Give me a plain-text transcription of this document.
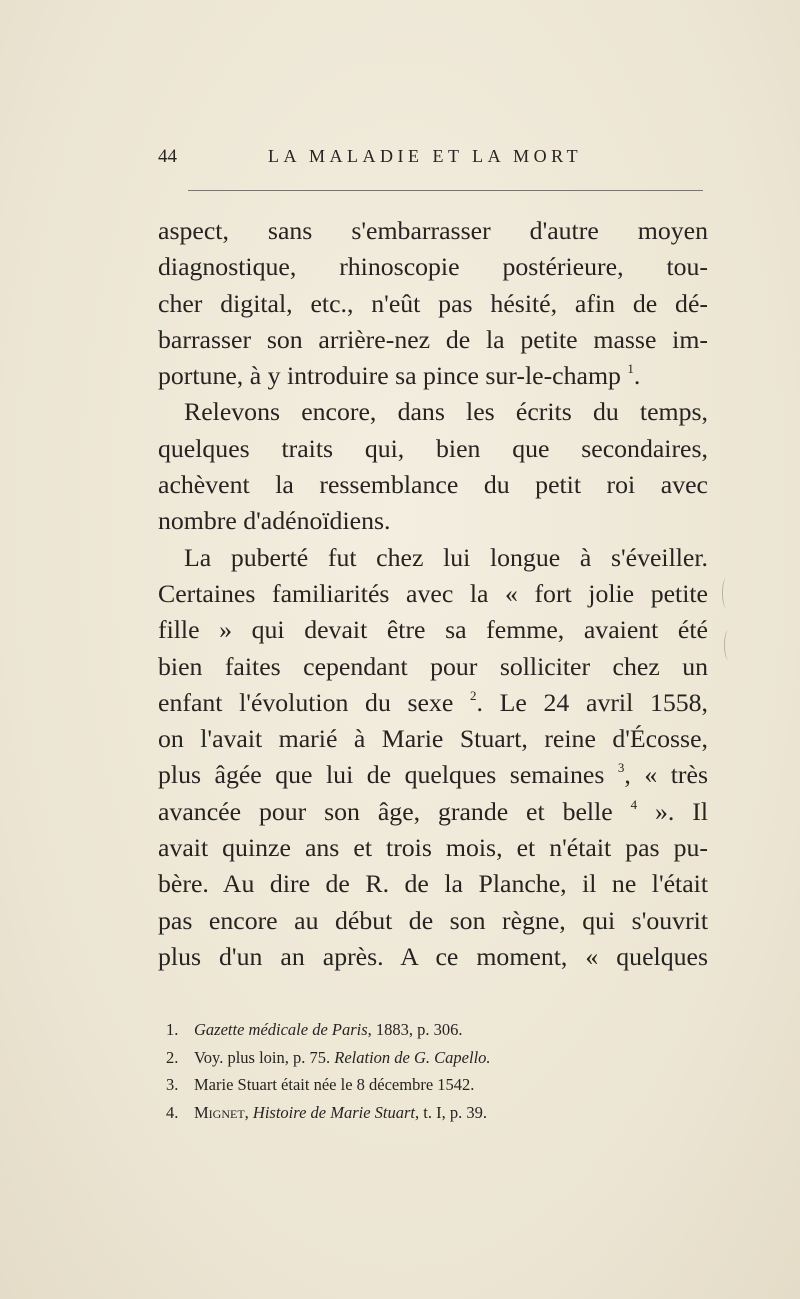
44	LA MALADIE ET LA MORT
aspect, sans s'embarrasser d'autre moyen
diagnostique, rhinoscopie postérieure, tou-
cher digital, etc., n'eût pas hésité, afin de dé-
barrasser son arrière-nez de la petite masse im-
portune, à y introduire sa pince sur-le-champ $^1$.
Relevons encore, dans les écrits du temps,
quelques traits qui, bien que secondaires,
achèvent la ressemblance du petit roi avec
nombre d'adénoïdiens.
La puberté fut chez lui longue à s'éveiller.
Certaines familiarités avec la « fort jolie petite
fille » qui devait être sa femme, avaient été
bien faites cependant pour solliciter chez un
enfant l'évolution du sexe $^2$. Le 24 avril 1558,
on l'avait marié à Marie Stuart, reine d'Écosse,
plus âgée que lui de quelques semaines $^3$, « très
avancée pour son âge, grande et belle $^4$ ». Il
avait quinze ans et trois mois, et n'était pas pu-
bère. Au dire de R. de la Planche, il ne l'était
pas encore au début de son règne, qui s'ouvrit
plus d'un an après. A ce moment, « quelques
1. Gazette médicale de Paris, 1883, p. 306.
2. Voy. plus loin, p. 75. Relation de G. Capello.
3. Marie Stuart était née le 8 décembre 1542.
4. Mignet, Histoire de Marie Stuart, t. I, p. 39.
